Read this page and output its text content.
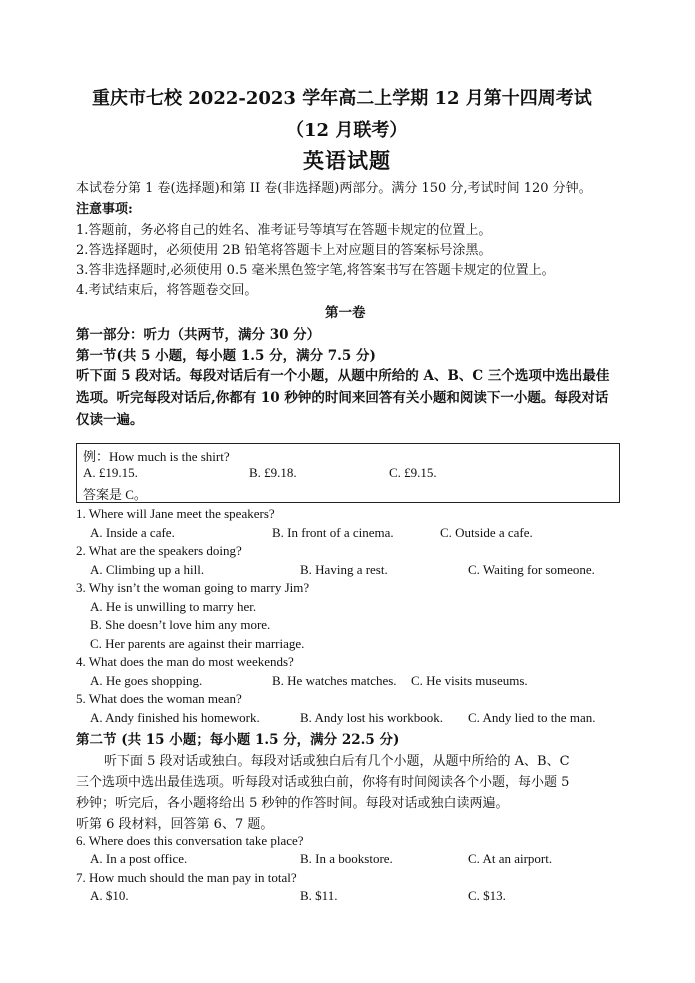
重庆市七校 2022-2023 学年高二上学期 12 月第十四周考试
（12 月联考）
英语试题
本试卷分第 1 卷(选择题)和第 II 卷(非选择题)两部分。满分 150 分,考试时间 120 分钟。
注意事项:
1.答题前，务必将自己的姓名、准考证号等填写在答题卡规定的位置上。
2.答选择题时，必须使用 2B 铅笔将答题卡上对应题目的答案标号涂黑。
3.答非选择题时,必须使用 0.5 毫米黑色签字笔,将答案书写在答题卡规定的位置上。
4.考试结束后，将答题卷交回。
第一卷
第一部分：听力（共两节，满分 30 分）
第一节(共 5 小题，每小题 1.5 分，满分 7.5 分)
听下面 5 段对话。每段对话后有一个小题，从题中所给的 A、B、C 三个选项中选出最佳
选项。听完每段对话后,你都有 10 秒钟的时间来回答有关小题和阅读下一小题。每段对话
仅读一遍。
例：How much is the shirt?
A. £19.15.	B. £9.18.	C. £9.15.
答案是 C。
1. Where will Jane meet the speakers?
A. Inside a cafe.	B. In front of a cinema.	C. Outside a cafe.
2. What are the speakers doing?
A. Climbing up a hill.	B. Having a rest.	C. Waiting for someone.
3. Why isn’t the woman going to marry Jim?
A. He is unwilling to marry her.
B. She doesn’t love him any more.
C. Her parents are against their marriage.
4. What does the man do most weekends?
A. He goes shopping.	B. He watches matches. C. He visits museums.
5. What does the woman mean?
A. Andy finished his homework.	B. Andy lost his workbook. C. Andy lied to the man.
第二节 (共 15 小题；每小题 1.5 分，满分 22.5 分)
听下面 5 段对话或独白。每段对话或独白后有几个小题，从题中所给的 A、B、C
三个选项中选出最佳选项。听每段对话或独白前，你将有时间阅读各个小题，每小题 5
秒钟；听完后，各小题将给出 5 秒钟的作答时间。每段对话或独白读两遍。
听第 6 段材料，回答第 6、7 题。
6. Where does this conversation take place?
A. In a post office.	B. In a bookstore.	C. At an airport.
7. How much should the man pay in total?
A. $10.	B. $11.	C. $13.
